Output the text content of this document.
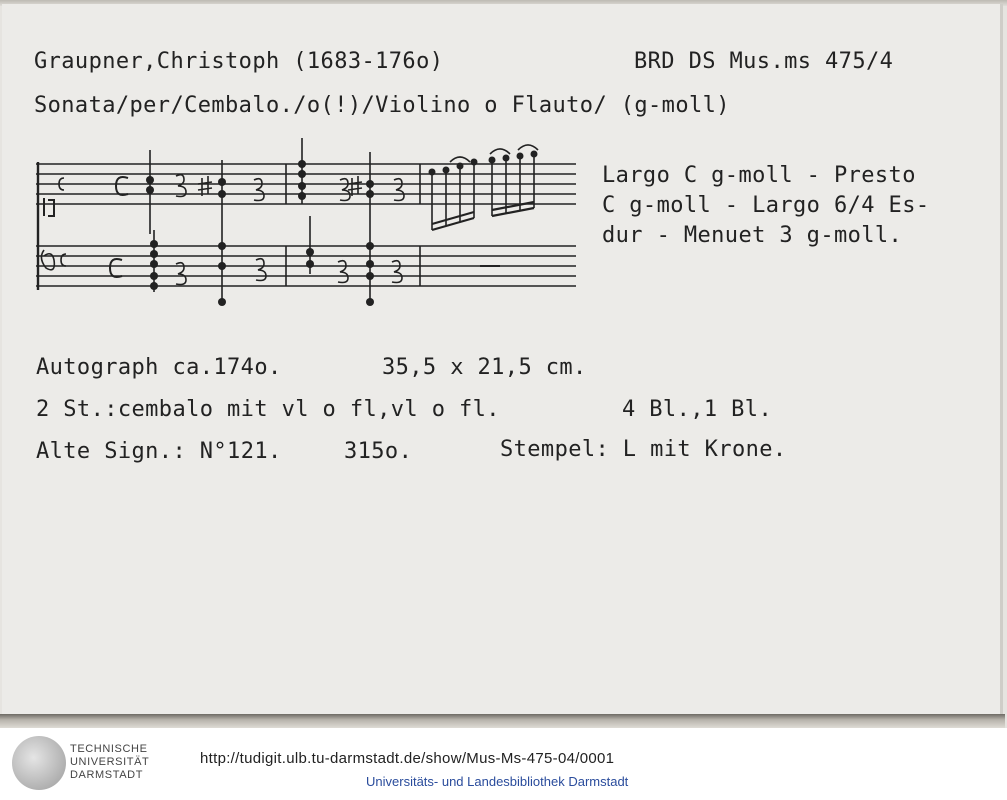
Graupner,Christoph (1683-176o)	BRD DS Mus.ms 475/4
Sonata/per/Cembalo./o(!)/Violino o Flauto/ (g-moll)
Largo C g-moll - Presto
C g-moll - Largo 6/4 Es-
dur - Menuet 3 g-moll.
Autograph ca.174o.	35,5 x 21,5 cm.
2 St.:cembalo mit vl o fl,vl o fl.	4 Bl.,1 Bl.
Alte Sign.: N°121.	315o.	Stempel: L mit Krone.
TECHNISCHE
UNIVERSITÄT
DARMSTADT
http://tudigit.ulb.tu-darmstadt.de/show/Mus-Ms-475-04/0001
Universitäts- und Landesbibliothek Darmstadt
